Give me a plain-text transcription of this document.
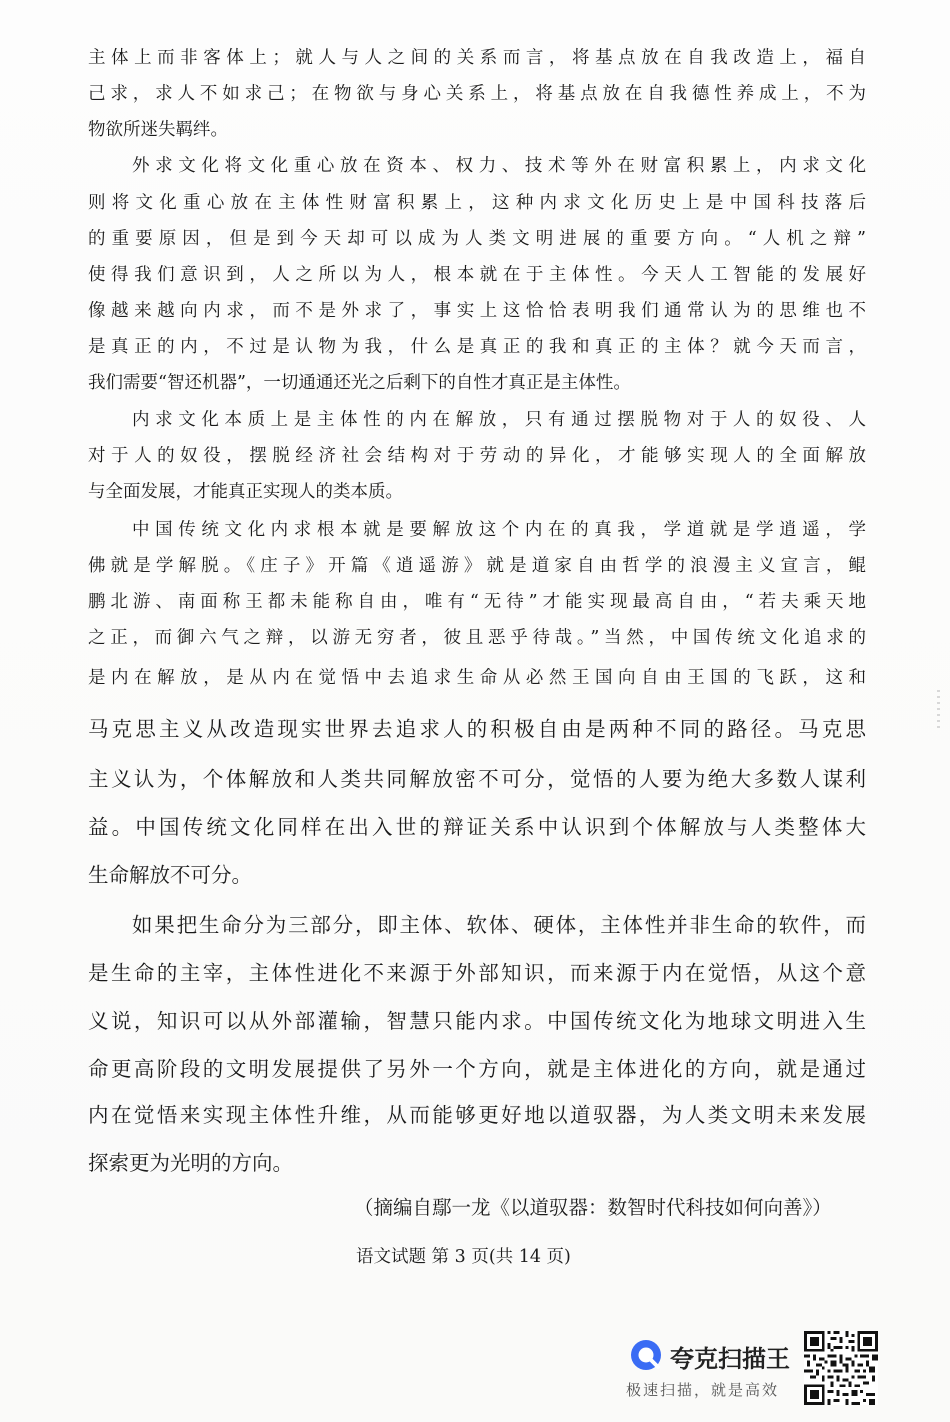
主体上而非客体上；就人与人之间的关系而言，将基点放在自我改造上，福自
己求，求人不如求己；在物欲与身心关系上，将基点放在自我德性养成上，不为
物欲所迷失羁绊。
外求文化将文化重心放在资本、权力、技术等外在财富积累上，内求文化
则将文化重心放在主体性财富积累上，这种内求文化历史上是中国科技落后
的重要原因，但是到今天却可以成为人类文明进展的重要方向。“人机之辩”
使得我们意识到，人之所以为人，根本就在于主体性。今天人工智能的发展好
像越来越向内求，而不是外求了，事实上这恰恰表明我们通常认为的思维也不
是真正的内，不过是认物为我，什么是真正的我和真正的主体？就今天而言，
我们需要“智还机器”，一切通通还光之后剩下的自性才真正是主体性。
内求文化本质上是主体性的内在解放，只有通过摆脱物对于人的奴役、人
对于人的奴役，摆脱经济社会结构对于劳动的异化，才能够实现人的全面解放
与全面发展，才能真正实现人的类本质。
中国传统文化内求根本就是要解放这个内在的真我，学道就是学逍遥，学
佛就是学解脱。《庄子》开篇《逍遥游》就是道家自由哲学的浪漫主义宣言，鲲
鹏北游、南面称王都未能称自由，唯有“无待”才能实现最高自由，“若夫乘天地
之正，而御六气之辩，以游无穷者，彼且恶乎待哉。”当然，中国传统文化追求的
是内在解放，是从内在觉悟中去追求生命从必然王国向自由王国的飞跃，这和
马克思主义从改造现实世界去追求人的积极自由是两种不同的路径。马克思
主义认为，个体解放和人类共同解放密不可分，觉悟的人要为绝大多数人谋利
益。中国传统文化同样在出入世的辩证关系中认识到个体解放与人类整体大
生命解放不可分。
如果把生命分为三部分，即主体、软体、硬体，主体性并非生命的软件，而
是生命的主宰，主体性进化不来源于外部知识，而来源于内在觉悟，从这个意
义说，知识可以从外部灌输，智慧只能内求。中国传统文化为地球文明进入生
命更高阶段的文明发展提供了另外一个方向，就是主体进化的方向，就是通过
内在觉悟来实现主体性升维，从而能够更好地以道驭器，为人类文明未来发展
探索更为光明的方向。
（摘编自鄢一龙《以道驭器：数智时代科技如何向善》）
语文试题 第 3 页(共 14 页)
夸克扫描王
极速扫描，就是高效
